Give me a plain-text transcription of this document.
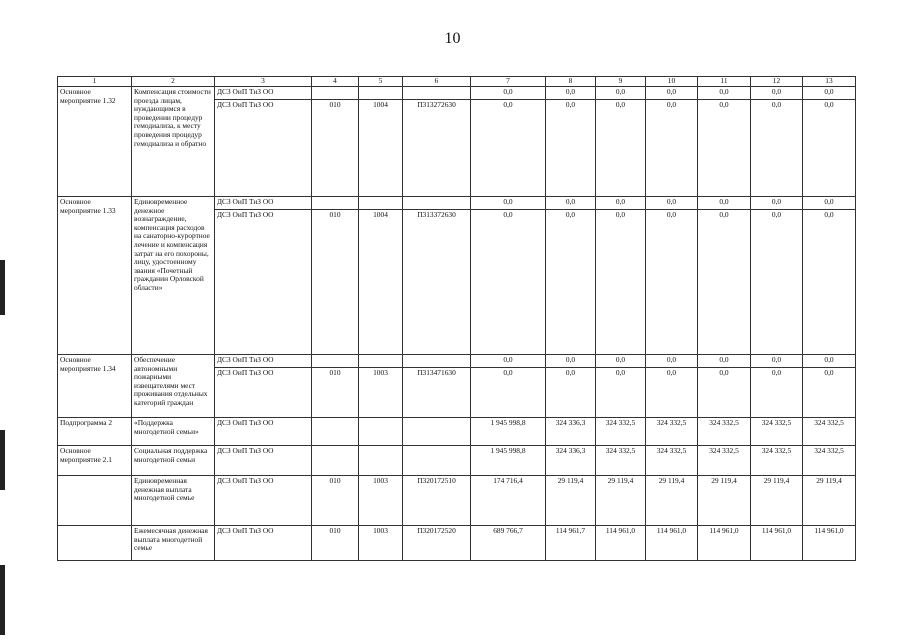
10
1	2	3	4	5	6	7	8	9	10	11	12	13
Основное мероприятие 1.32	Компенсация стоимости проезда лицам, нуждающимся в проведении процедур гемодиализа, к месту проведения процедур гемодиализа и обратно	ДСЗ ОиП ТиЗ ОО				0,0	0,0	0,0	0,0	0,0	0,0	0,0
		ДСЗ ОиП ТиЗ ОО	010	1004	П313272630	0,0	0,0	0,0	0,0	0,0	0,0	0,0
Основное мероприятие 1.33	Единовременное денежное вознаграждение, компенсация расходов на санаторно-курортное лечение и компенсация затрат на его похороны, лицу, удостоенному звания «Почетный гражданин Орловской области»	ДСЗ ОиП ТиЗ ОО				0,0	0,0	0,0	0,0	0,0	0,0	0,0
		ДСЗ ОиП ТиЗ ОО	010	1004	П313372630	0,0	0,0	0,0	0,0	0,0	0,0	0,0
Основное мероприятие 1.34	Обеспечение автономными пожарными извещателями мест проживания отдельных категорий граждан	ДСЗ ОиП ТиЗ ОО				0,0	0,0	0,0	0,0	0,0	0,0	0,0
		ДСЗ ОиП ТиЗ ОО	010	1003	П313471630	0,0	0,0	0,0	0,0	0,0	0,0	0,0
Подпрограмма 2	«Поддержка многодетной семьи»	ДСЗ ОиП ТиЗ ОО				1 945 998,8	324 336,3	324 332,5	324 332,5	324 332,5	324 332,5	324 332,5
Основное мероприятие 2.1	Социальная поддержка многодетной семьи	ДСЗ ОиП ТиЗ ОО				1 945 998,8	324 336,3	324 332,5	324 332,5	324 332,5	324 332,5	324 332,5
	Единовременная денежная выплата многодетной семье	ДСЗ ОиП ТиЗ ОО	010	1003	П320172510	174 716,4	29 119,4	29 119,4	29 119,4	29 119,4	29 119,4	29 119,4
	Ежемесячная денежная выплата многодетной семье	ДСЗ ОиП ТиЗ ОО	010	1003	П320172520	689 766,7	114 961,7	114 961,0	114 961,0	114 961,0	114 961,0	114 961,0
